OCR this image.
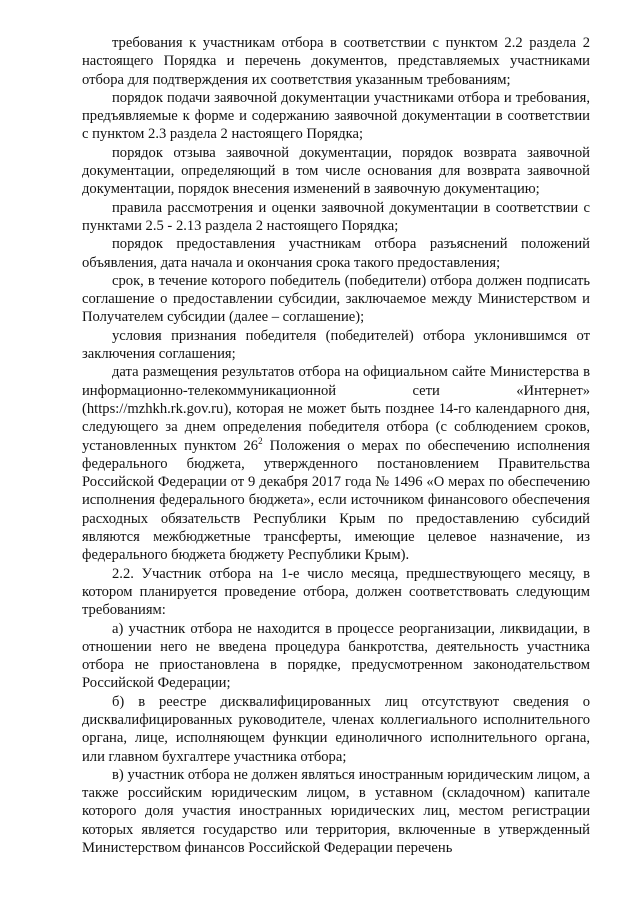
требования к участникам отбора в соответствии с пунктом 2.2 раздела 2 настоящего Порядка и перечень документов, представляемых участниками отбора для подтверждения их соответствия указанным требованиям;

порядок подачи заявочной документации участниками отбора и требования, предъявляемые к форме и содержанию заявочной документации в соответствии с пунктом 2.3 раздела 2 настоящего Порядка;

порядок отзыва заявочной документации, порядок возврата заявочной документации, определяющий в том числе основания для возврата заявочной документации, порядок внесения изменений в заявочную документацию;

правила рассмотрения и оценки заявочной документации в соответствии с пунктами 2.5 - 2.13 раздела 2 настоящего Порядка;

порядок предоставления участникам отбора разъяснений положений объявления, дата начала и окончания срока такого предоставления;

срок, в течение которого победитель (победители) отбора должен подписать соглашение о предоставлении субсидии, заключаемое между Министерством и Получателем субсидии (далее – соглашение);

условия признания победителя (победителей) отбора уклонившимся от заключения соглашения;

дата размещения результатов отбора на официальном сайте Министерства в информационно-телекоммуникационной сети «Интернет» (https://mzhkh.rk.gov.ru), которая не может быть позднее 14-го календарного дня, следующего за днем определения победителя отбора (с соблюдением сроков, установленных пунктом $26^2$ Положения о мерах по обеспечению исполнения федерального бюджета, утвержденного постановлением Правительства Российской Федерации от 9 декабря 2017 года № 1496 «О мерах по обеспечению исполнения федерального бюджета», если источником финансового обеспечения расходных обязательств Республики Крым по предоставлению субсидий являются межбюджетные трансферты, имеющие целевое назначение, из федерального бюджета бюджету Республики Крым).

2.2. Участник отбора на 1-е число месяца, предшествующего месяцу, в котором планируется проведение отбора, должен соответствовать следующим требованиям:

а) участник отбора не находится в процессе реорганизации, ликвидации, в отношении него не введена процедура банкротства, деятельность участника отбора не приостановлена в порядке, предусмотренном законодательством Российской Федерации;

б) в реестре дисквалифицированных лиц отсутствуют сведения о дисквалифицированных руководителе, членах коллегиального исполнительного органа, лице, исполняющем функции единоличного исполнительного органа, или главном бухгалтере участника отбора;

в) участник отбора не должен являться иностранным юридическим лицом, а также российским юридическим лицом, в уставном (складочном) капитале которого доля участия иностранных юридических лиц, местом регистрации которых является государство или территория, включенные в утвержденный Министерством финансов Российской Федерации перечень
